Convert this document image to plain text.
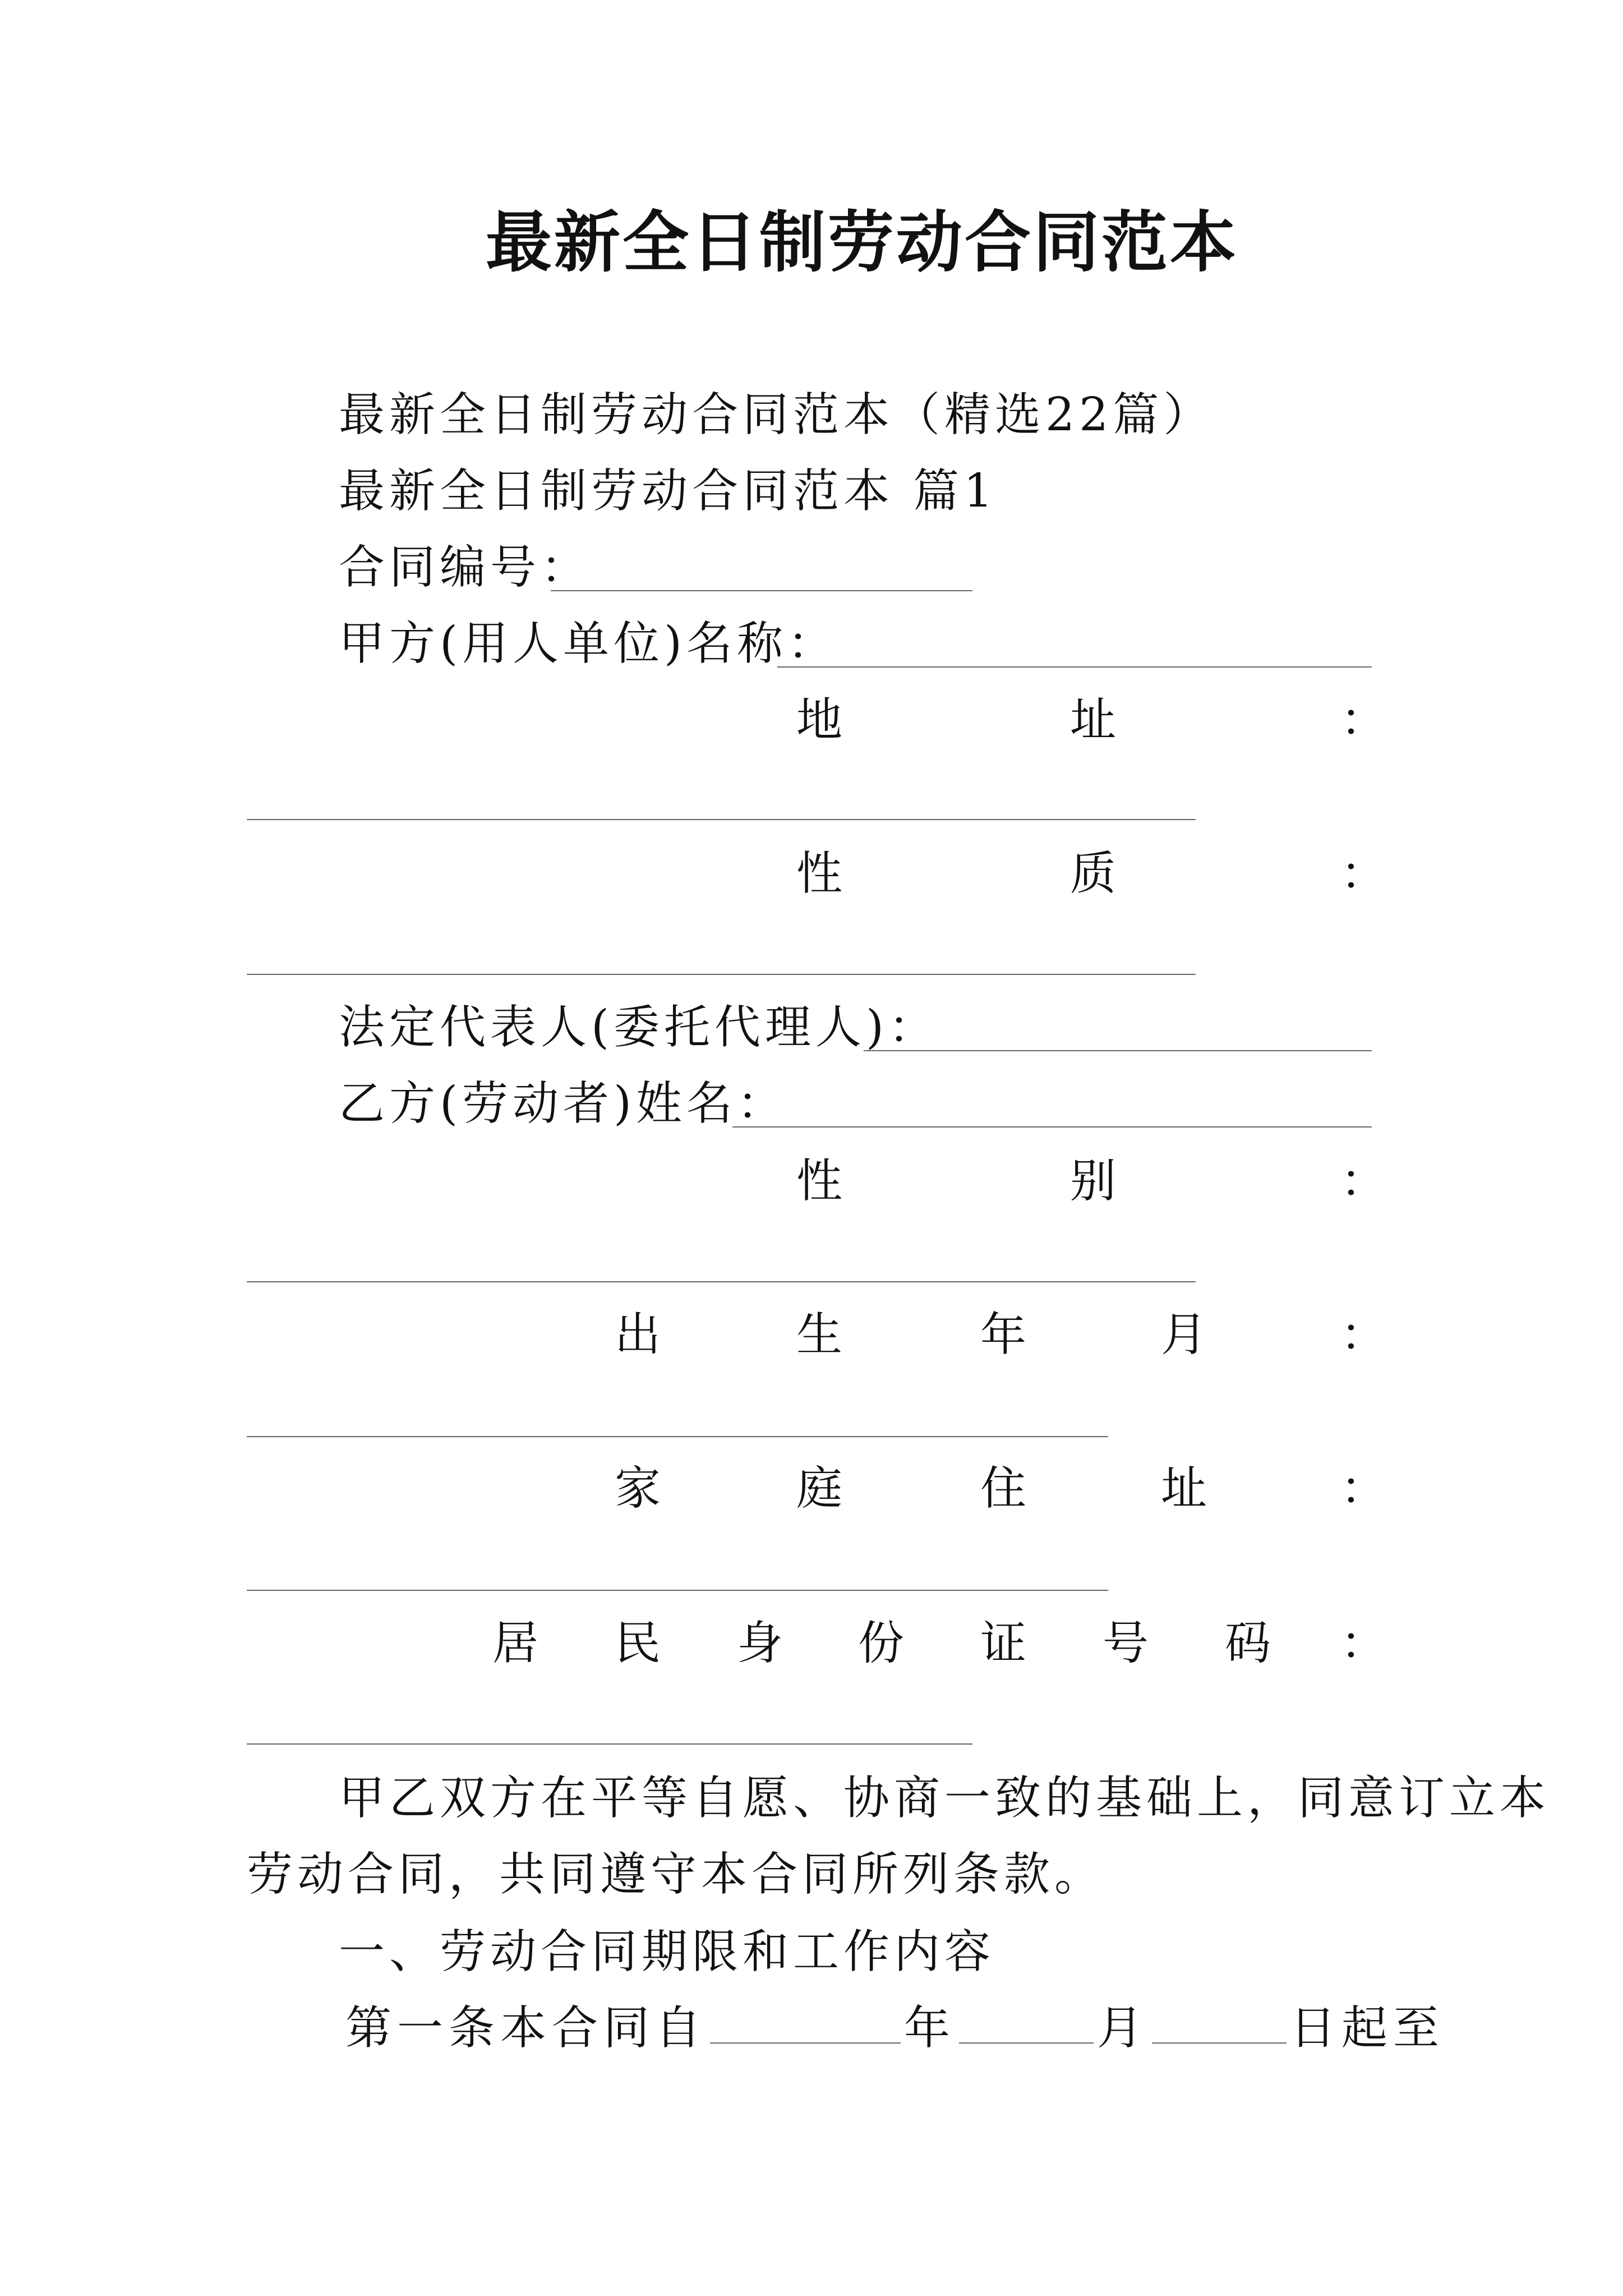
最新全日制劳动合同范本
最新全日制劳动合同范本（精选22篇）
最新全日制劳动合同范本 篇1
合同编号：
甲方(用人单位)名称：
地	址	：
性	质	：
法定代表人(委托代理人)：
乙方(劳动者)姓名：
性	别	：
出	生	年	月	：
家	庭	住	址	：
居 民 身 份 证 号 码 ：
甲乙双方在平等自愿、协商一致的基础上，同意订立本
劳动合同，共同遵守本合同所列条款。
一、劳动合同期限和工作内容
第一条本合同自	年	月	日起至
